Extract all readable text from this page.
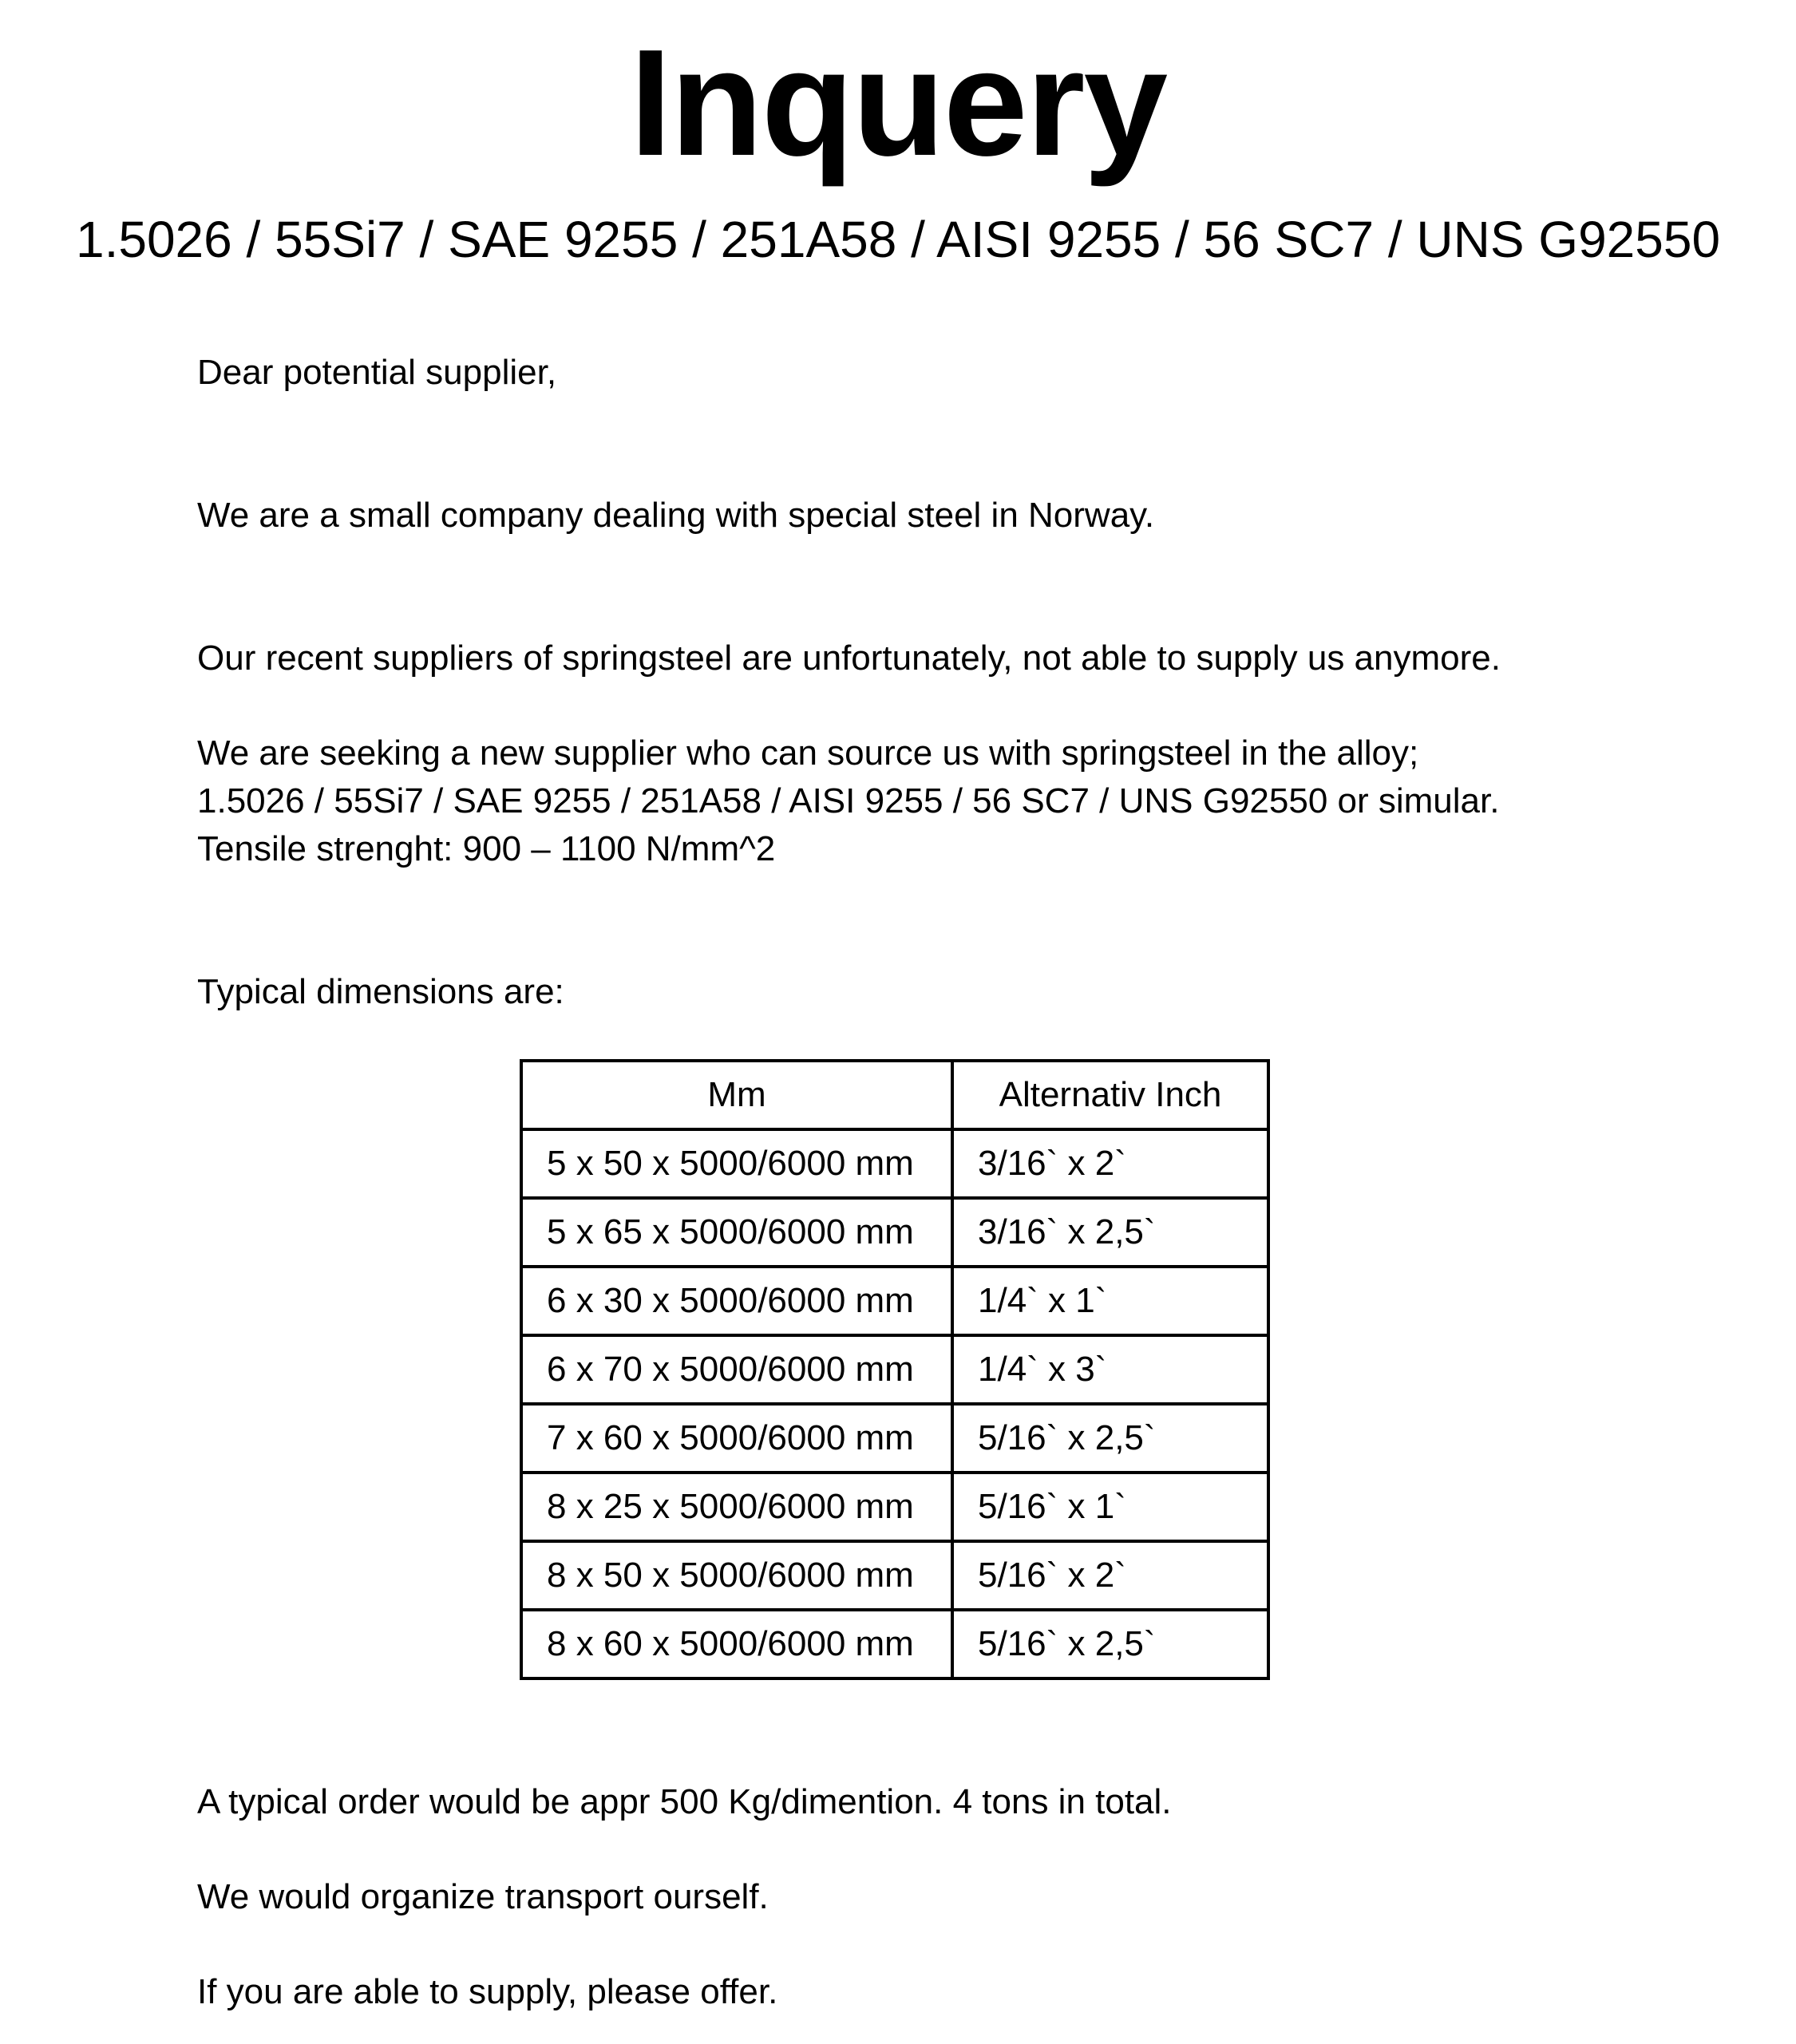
Inquery
1.5026 / 55Si7 / SAE 9255 / 251A58 / AISI 9255 / 56 SC7 / UNS G92550

Dear potential supplier,

We are a small company dealing with special steel in Norway.

Our recent suppliers of springsteel are unfortunately, not able to supply us anymore.

We are seeking a new supplier who can source us with springsteel in the alloy;
1.5026 / 55Si7 / SAE 9255 / 251A58 / AISI 9255 / 56 SC7 / UNS G92550 or simular.
Tensile strenght: 900 – 1100 N/mm^2

Typical dimensions are:

Mm	Alternativ Inch
5 x 50 x 5000/6000 mm	3/16` x 2`
5 x 65 x 5000/6000 mm	3/16` x 2,5`
6 x 30 x 5000/6000 mm	1/4` x 1`
6 x 70 x 5000/6000 mm	1/4` x 3`
7 x 60 x 5000/6000 mm	5/16` x 2,5`
8 x 25 x 5000/6000 mm	5/16` x 1`
8 x 50 x 5000/6000 mm	5/16` x 2`
8 x 60 x 5000/6000 mm	5/16` x 2,5`

A typical order would be appr 500 Kg/dimention. 4 tons in total.

We would organize transport ourself.

If you are able to supply, please offer.
